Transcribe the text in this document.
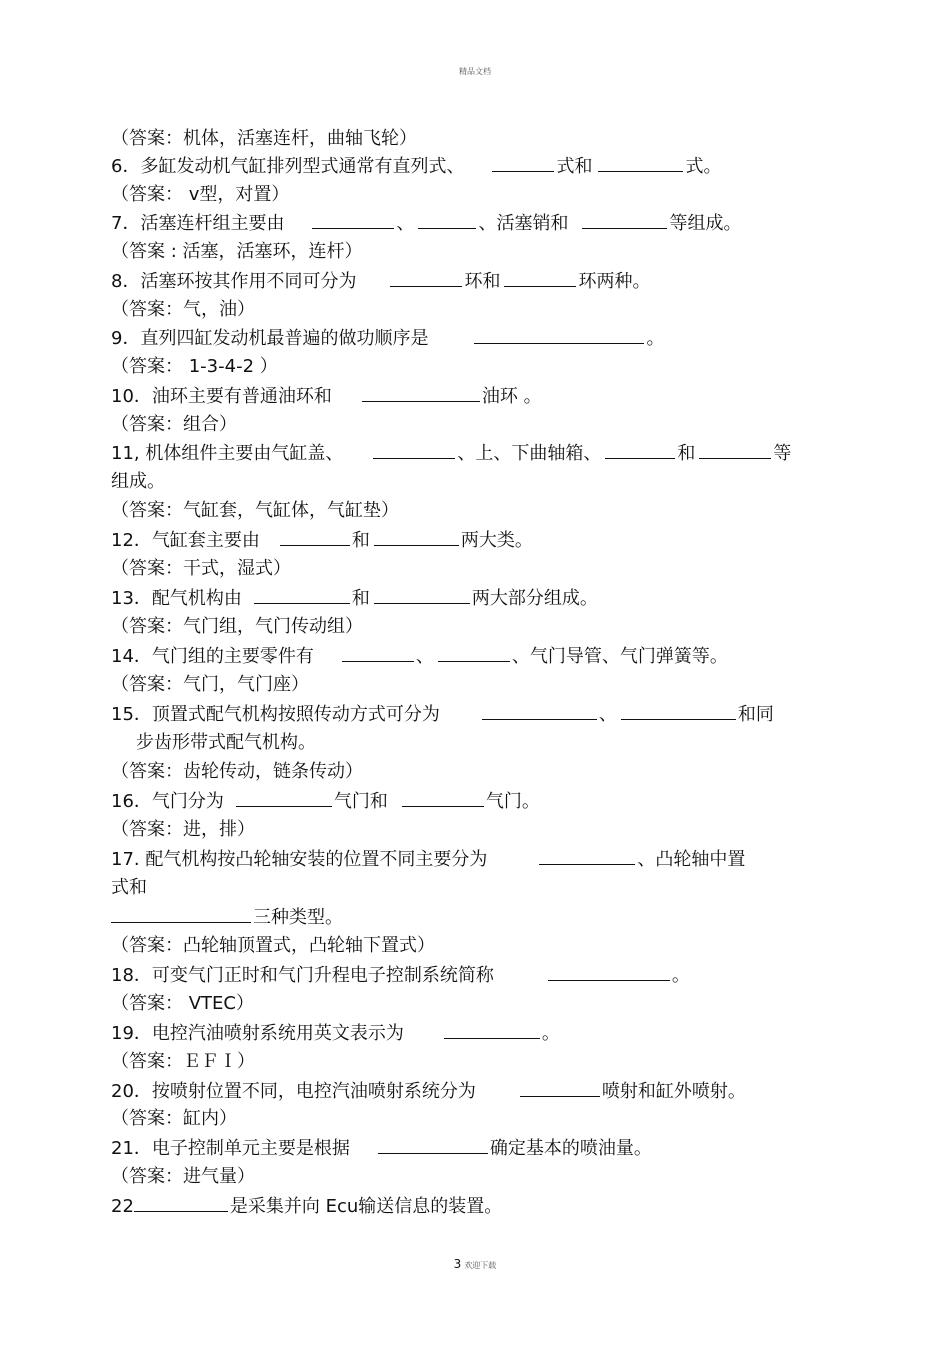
精品文档
（答案：机体，活塞连杆，曲轴飞轮）
6．多缸发动机气缸排列型式通常有直列式、	式和	式。
（答案： v型，对置）
7．活塞连杆组主要由	、	、活塞销和	等组成。
（答案 : 活塞，活塞环，连杆）
8．活塞环按其作用不同可分为	环和	环两种。
（答案：气，油）
9．直列四缸发动机最普遍的做功顺序是	。
（答案： 1-3-4-2 ）
10．油环主要有普通油环和	油环 。
（答案：组合）
11, 机体组件主要由气缸盖、	、上、下曲轴箱、	和	等
组成。
（答案：气缸套，气缸体，气缸垫）
12．气缸套主要由	和	两大类。
（答案：干式，湿式）
13．配气机构由	和	两大部分组成。
（答案：气门组，气门传动组）
14．气门组的主要零件有	、	、气门导管、气门弹簧等。
（答案：气门，气门座）
15．顶置式配气机构按照传动方式可分为	、	和同
步齿形带式配气机构。
（答案：齿轮传动，链条传动）
16．气门分为	气门和	气门。
（答案：进，排）
17. 配气机构按凸轮轴安装的位置不同主要分为	、凸轮轴中置
式和
三种类型。
（答案：凸轮轴顶置式，凸轮轴下置式）
18．可变气门正时和气门升程电子控制系统简称	。
（答案： VTEC）
19．电控汽油喷射系统用英文表示为	。
（答案：ＥＦＩ）
20．按喷射位置不同，电控汽油喷射系统分为	喷射和缸外喷射。
（答案：缸内）
21．电子控制单元主要是根据	确定基本的喷油量。
（答案：进气量）
22	是采集并向 Ecu输送信息的装置。
3 欢迎下载
